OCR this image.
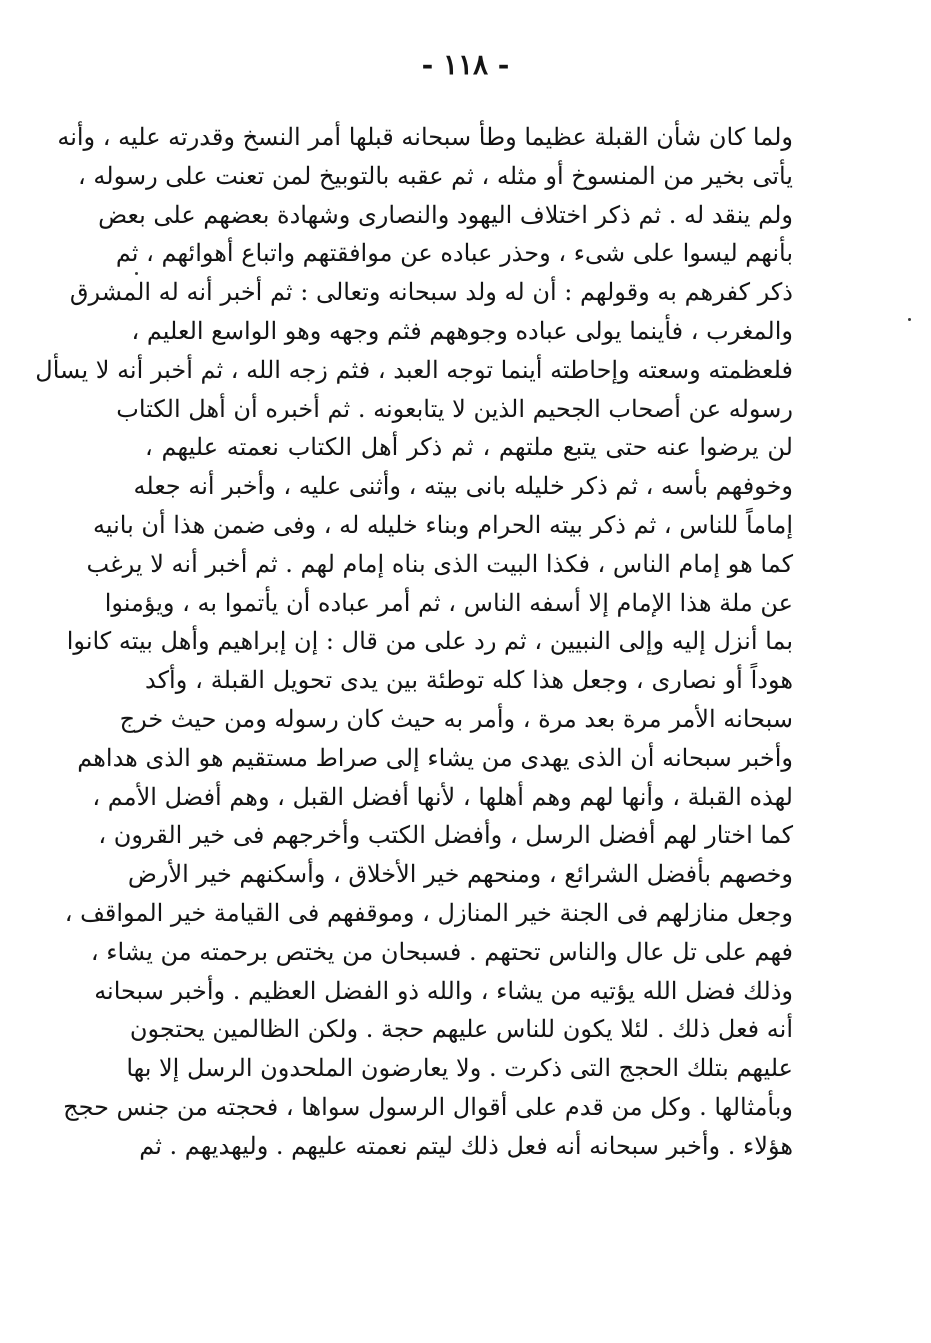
- ١١٨ -
ولما كان شأن القبلة عظيما وطأ سبحانه قبلها أمر النسخ وقدرته عليه ، وأنه
يأتى بخير من المنسوخ أو مثله ، ثم عقبه بالتوبيخ لمن تعنت على رسوله ،
ولم ينقد له . ثم ذكر اختلاف اليهود والنصارى وشهادة بعضهم على بعض
بأنهم ليسوا على شىء ، وحذر عباده عن موافقتهم واتباع أهوائهم ، ثم
ذكر كفرهم به وقولهم : أن له ولد سبحانه وتعالى : ثم أخبر أنه له المشرق
والمغرب ، فأينما يولى عباده وجوههم فثم وجهه وهو الواسع العليم ،
فلعظمته وسعته وإحاطته أينما توجه العبد ، فثم زجه الله ، ثم أخبر أنه لا يسأل
رسوله عن أصحاب الجحيم الذين لا يتابعونه . ثم أخبره أن أهل الكتاب
لن يرضوا عنه حتى يتبع ملتهم ، ثم ذكر أهل الكتاب نعمته عليهم ،
وخوفهم بأسه ، ثم ذكر خليله بانى بيته ، وأثنى عليه ، وأخبر أنه جعله
إماماً للناس ، ثم ذكر بيته الحرام وبناء خليله له ، وفى ضمن هذا أن بانيه
كما هو إمام الناس ، فكذا البيت الذى بناه إمام لهم . ثم أخبر أنه لا يرغب
عن ملة هذا الإمام إلا أسفه الناس ، ثم أمر عباده أن يأتموا به ، ويؤمنوا
بما أنزل إليه وإلى النبيين ، ثم رد على من قال : إن إبراهيم وأهل بيته كانوا
هوداً أو نصارى ، وجعل هذا كله توطئة بين يدى تحويل القبلة ، وأكد
سبحانه الأمر مرة بعد مرة ، وأمر به حيث كان رسوله ومن حيث خرج
وأخبر سبحانه أن الذى يهدى من يشاء إلى صراط مستقيم هو الذى هداهم
لهذه القبلة ، وأنها لهم وهم أهلها ، لأنها أفضل القبل ، وهم أفضل الأمم ،
كما اختار لهم أفضل الرسل ، وأفضل الكتب وأخرجهم فى خير القرون ،
وخصهم بأفضل الشرائع ، ومنحهم خير الأخلاق ، وأسكنهم خير الأرض
وجعل منازلهم فى الجنة خير المنازل ، وموقفهم فى القيامة خير المواقف ،
فهم على تل عال والناس تحتهم . فسبحان من يختص برحمته من يشاء ،
وذلك فضل الله يؤتيه من يشاء ، والله ذو الفضل العظيم . وأخبر سبحانه
أنه فعل ذلك . لئلا يكون للناس عليهم حجة . ولكن الظالمين يحتجون
عليهم بتلك الحجج التى ذكرت . ولا يعارضون الملحدون الرسل إلا بها
وبأمثالها . وكل من قدم على أقوال الرسول سواها ، فحجته من جنس حجج
هؤلاء . وأخبر سبحانه أنه فعل ذلك ليتم نعمته عليهم . وليهديهم . ثم
